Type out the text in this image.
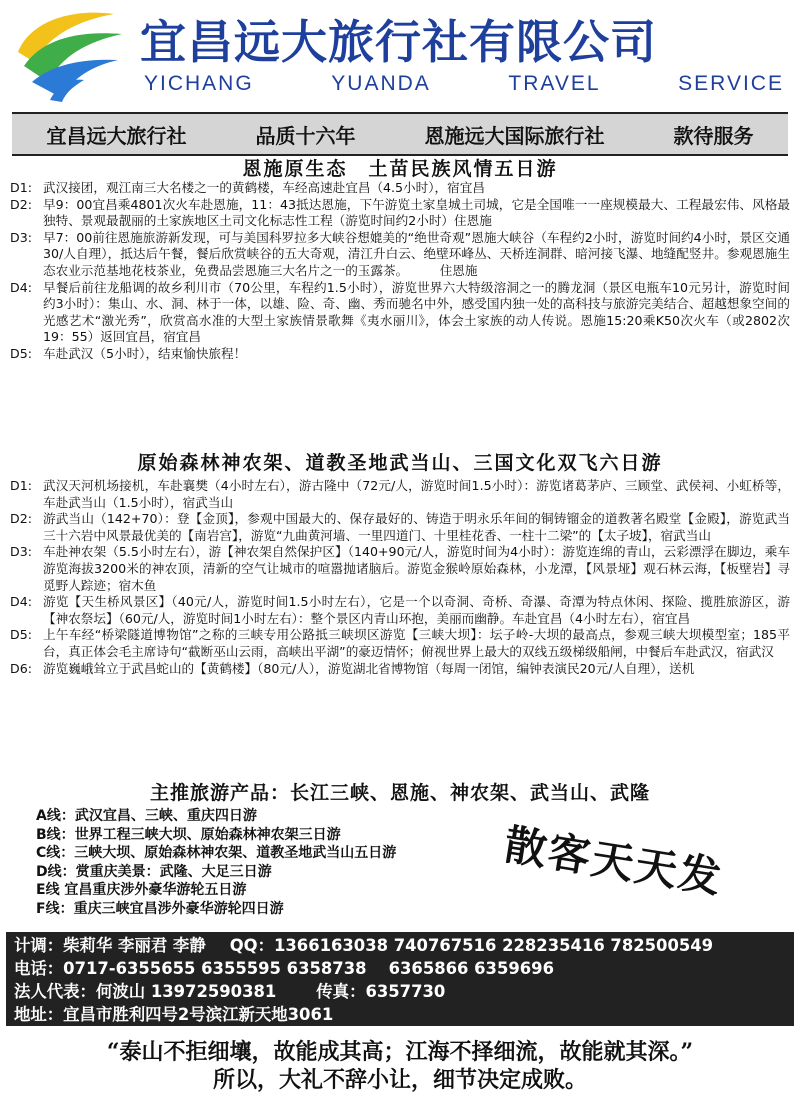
宜昌远大旅行社有限公司
YICHANG	YUANDA	TRAVEL	SERVICE
宜昌远大旅行社	品质十六年	恩施远大国际旅行社	款待服务
恩施原生态　土苗民族风情五日游
D1: 武汉接团，观江南三大名楼之一的黄鹤楼，车经高速赴宜昌（4.5小时），宿宜昌
D2: 早9：00宜昌乘4801次火车赴恩施，11：43抵达恩施，下午游览土家皇城土司城，它是全国唯一一座规模最大、工程最宏伟、风格最独特、景观最靓丽的土家族地区土司文化标志性工程（游览时间约2小时）住恩施
D3: 早7：00前往恩施旅游新发现，可与美国科罗拉多大峡谷想媲美的“绝世奇观”恩施大峡谷（车程约2小时，游览时间约4小时，景区交通30/人自理），抵达后午餐，餐后欣赏峡谷的五大奇观，清江升白云、绝壁环峰丛、天桥连洞群、暗河接飞瀑、地缝配竖井。参观恩施生态农业示范基地花枝茶业，免费品尝恩施三大名片之一的玉露茶。　　　住恩施
D4: 早餐后前往龙船调的故乡利川市（70公里，车程约1.5小时），游览世界六大特级溶洞之一的腾龙洞（景区电瓶车10元另计，游览时间约3小时）：集山、水、洞、林于一体，以雄、险、奇、幽、秀而驰名中外，感受国内独一处的高科技与旅游完美结合、超越想象空间的光感艺术“激光秀”，欣赏高水准的大型土家族情景歌舞《夷水丽川》，体会土家族的动人传说。恩施15:20乘K50次火车（或2802次19：55）返回宜昌，宿宜昌
D5: 车赴武汉（5小时），结束愉快旅程！
原始森林神农架、道教圣地武当山、三国文化双飞六日游
D1: 武汉天河机场接机，车赴襄樊（4小时左右），游古隆中（72元/人，游览时间1.5小时）：游览诸葛茅庐、三顾堂、武侯祠、小虹桥等，车赴武当山（1.5小时），宿武当山
D2: 游武当山（142+70）：登【金顶】，参观中国最大的、保存最好的、铸造于明永乐年间的铜铸镏金的道教著名殿堂【金殿】，游览武当三十六岩中风景最优美的【南岩宫】，游览“九曲黄河墙、一里四道门、十里桂花香、一柱十二梁”的【太子坡】，宿武当山
D3: 车赴神农架（5.5小时左右），游【神农架自然保护区】（140+90元/人，游览时间为4小时）：游览连绵的青山，云彩漂浮在脚边，乘车游览海拔3200米的神农顶，清新的空气让城市的喧嚣抛诸脑后。游览金猴岭原始森林，小龙潭，【风景垭】观石林云海，【板壁岩】寻觅野人踪迹；宿木鱼
D4: 游览【天生桥风景区】（40元/人，游览时间1.5小时左右），它是一个以奇洞、奇桥、奇瀑、奇潭为特点休闲、探险、揽胜旅游区，游【神农祭坛】（60元/人，游览时间1小时左右）：整个景区内青山环抱，美丽而幽静。车赴宜昌（4小时左右），宿宜昌
D5: 上午车经“桥梁隧道博物馆”之称的三峡专用公路抵三峡坝区游览【三峡大坝】：坛子岭-大坝的最高点，参观三峡大坝模型室；185平台，真正体会毛主席诗句“截断巫山云雨，高峡出平湖”的豪迈情怀；俯视世界上最大的双线五级梯级船闸，中餐后车赴武汉，宿武汉
D6: 游览巍峨耸立于武昌蛇山的【黄鹤楼】（80元/人），游览湖北省博物馆（每周一闭馆，编钟表演民20元/人自理），送机
主推旅游产品：长江三峡、恩施、神农架、武当山、武隆
A线：武汉宜昌、三峡、重庆四日游
B线：世界工程三峡大坝、原始森林神农架三日游
C线：三峡大坝、原始森林神农架、道教圣地武当山五日游
D线：赏重庆美景：武隆、大足三日游
E线 宜昌重庆涉外豪华游轮五日游
F线：重庆三峡宜昌涉外豪华游轮四日游
散客天天发
计调：柴莉华 李丽君 李静 QQ：1366163038 740767516 228235416 782500549
电话：0717-6355655 6355595 6358738　 6365866 6359696
法人代表：何波山 13972590381 传真：6357730
地址：宜昌市胜利四号2号滨江新天地3061
“泰山不拒细壤，故能成其高；江海不择细流，故能就其深。”
所以，大礼不辞小让，细节决定成败。
